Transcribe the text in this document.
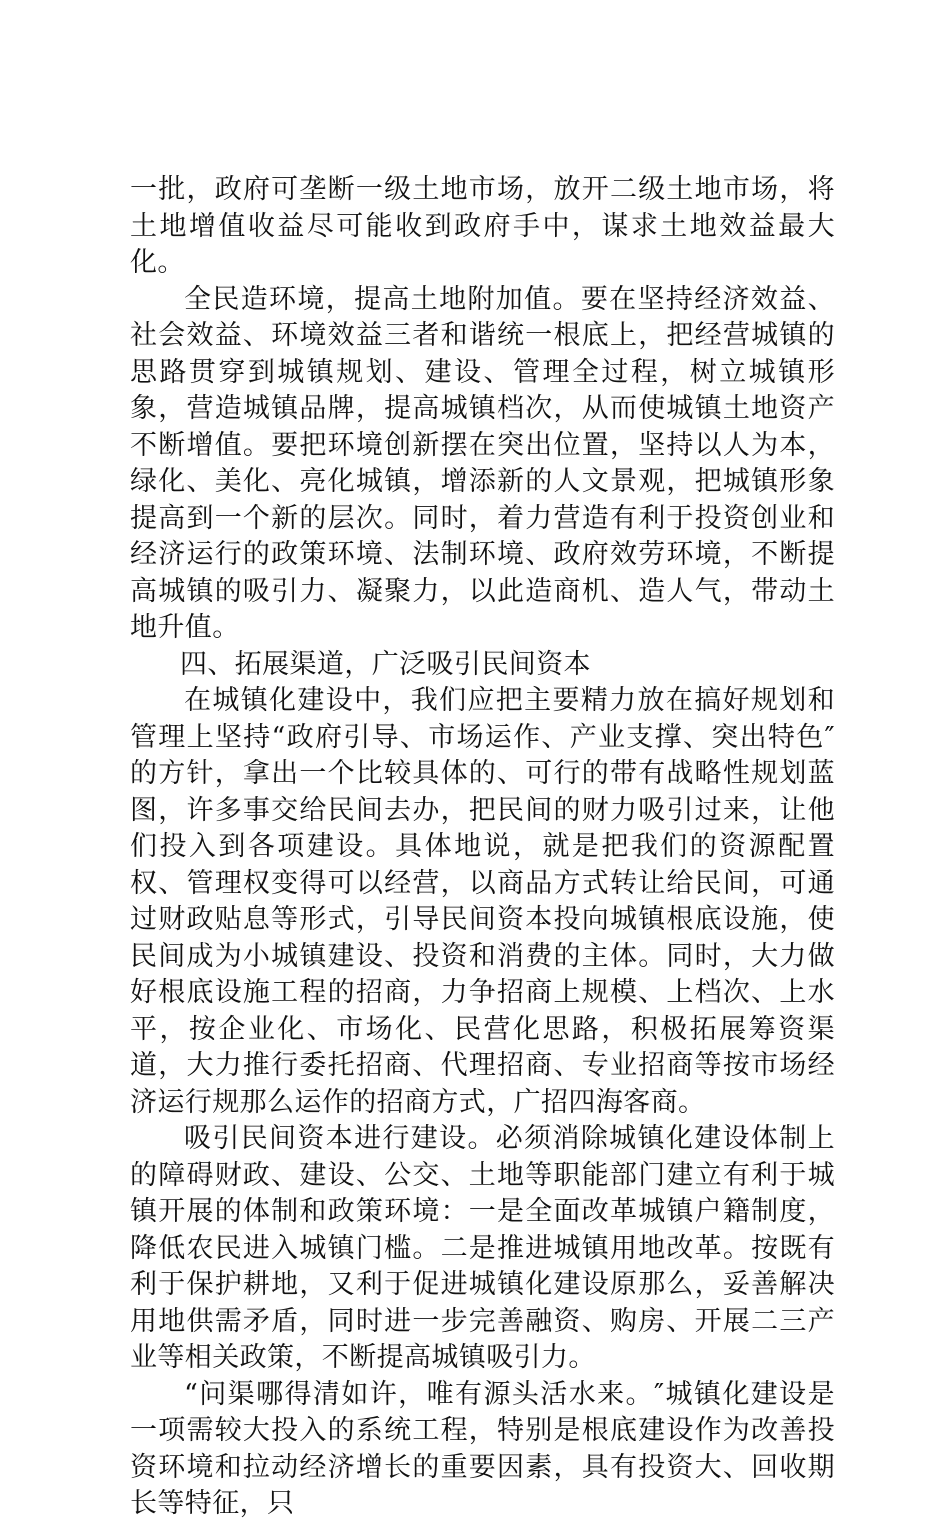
一批，政府可垄断一级土地市场，放开二级土地市场，将土地增值收益尽可能收到政府手中，谋求土地效益最大化。

全民造环境，提高土地附加值。要在坚持经济效益、社会效益、环境效益三者和谐统一根底上，把经营城镇的思路贯穿到城镇规划、建设、管理全过程，树立城镇形象，营造城镇品牌，提高城镇档次，从而使城镇土地资产不断增值。要把环境创新摆在突出位置，坚持以人为本，绿化、美化、亮化城镇，增添新的人文景观，把城镇形象提高到一个新的层次。同时，着力营造有利于投资创业和经济运行的政策环境、法制环境、政府效劳环境，不断提高城镇的吸引力、凝聚力，以此造商机、造人气，带动土地升值。

四、拓展渠道，广泛吸引民间资本

在城镇化建设中，我们应把主要精力放在搞好规划和管理上坚持“政府引导、市场运作、产业支撑、突出特色″的方针，拿出一个比较具体的、可行的带有战略性规划蓝图，许多事交给民间去办，把民间的财力吸引过来，让他们投入到各项建设。具体地说，就是把我们的资源配置权、管理权变得可以经营，以商品方式转让给民间，可通过财政贴息等形式，引导民间资本投向城镇根底设施，使民间成为小城镇建设、投资和消费的主体。同时，大力做好根底设施工程的招商，力争招商上规模、上档次、上水平，按企业化、市场化、民营化思路，积极拓展筹资渠道，大力推行委托招商、代理招商、专业招商等按市场经济运行规那么运作的招商方式，广招四海客商。

吸引民间资本进行建设。必须消除城镇化建设体制上的障碍财政、建设、公交、土地等职能部门建立有利于城镇开展的体制和政策环境：一是全面改革城镇户籍制度，降低农民进入城镇门槛。二是推进城镇用地改革。按既有利于保护耕地，又利于促进城镇化建设原那么，妥善解决用地供需矛盾，同时进一步完善融资、购房、开展二三产业等相关政策，不断提高城镇吸引力。

“问渠哪得清如许，唯有源头活水来。″城镇化建设是一项需较大投入的系统工程，特别是根底建设作为改善投资环境和拉动经济增长的重要因素，具有投资大、回收期长等特征，只
